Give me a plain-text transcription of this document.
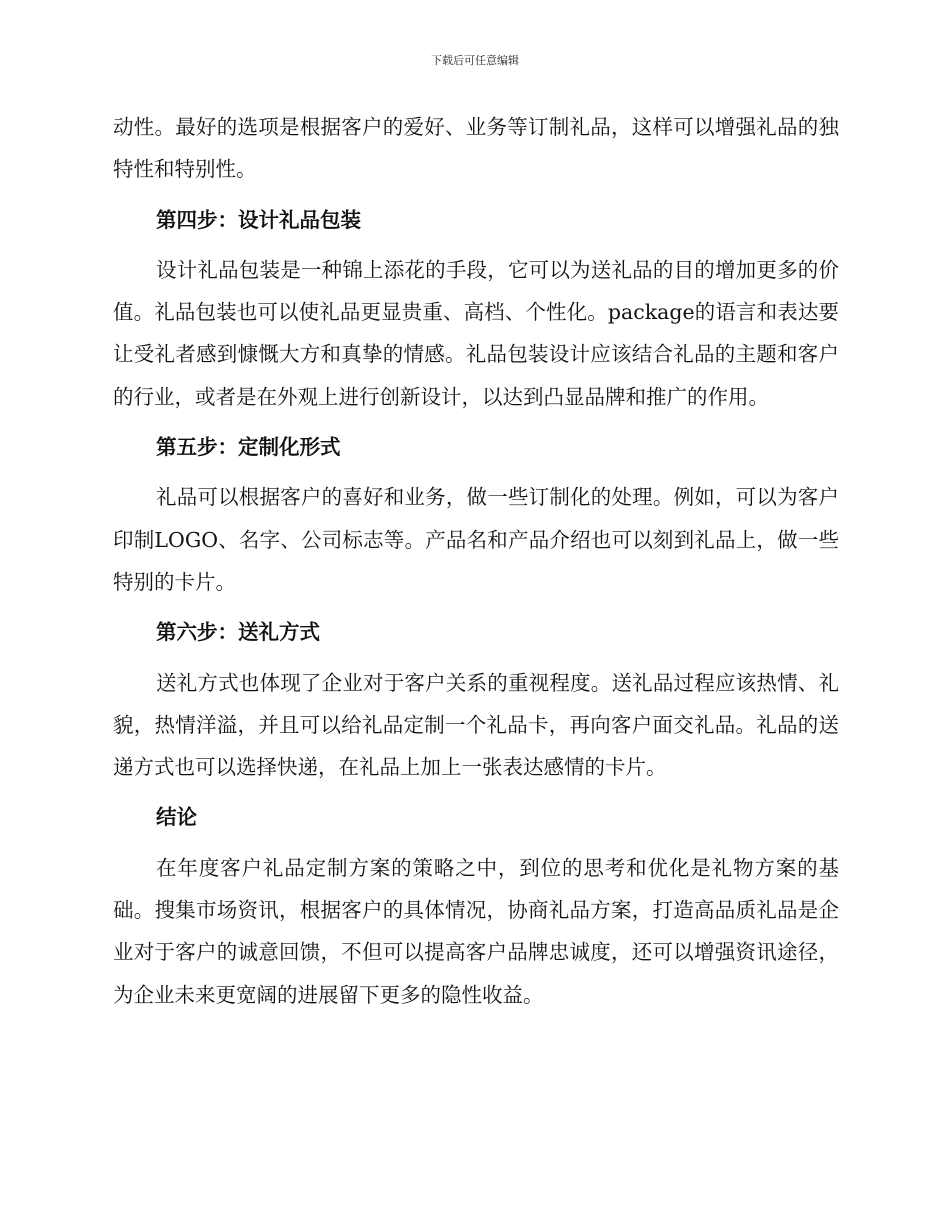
下载后可任意编辑

动性。最好的选项是根据客户的爱好、业务等订制礼品，这样可以增强礼品的独特性和特别性。

第四步：设计礼品包装

设计礼品包装是一种锦上添花的手段，它可以为送礼品的目的增加更多的价值。礼品包装也可以使礼品更显贵重、高档、个性化。package的语言和表达要让受礼者感到慷慨大方和真挚的情感。礼品包装设计应该结合礼品的主题和客户的行业，或者是在外观上进行创新设计，以达到凸显品牌和推广的作用。

第五步：定制化形式

礼品可以根据客户的喜好和业务，做一些订制化的处理。例如，可以为客户印制LOGO、名字、公司标志等。产品名和产品介绍也可以刻到礼品上，做一些特别的卡片。

第六步：送礼方式

送礼方式也体现了企业对于客户关系的重视程度。送礼品过程应该热情、礼貌，热情洋溢，并且可以给礼品定制一个礼品卡，再向客户面交礼品。礼品的送递方式也可以选择快递，在礼品上加上一张表达感情的卡片。

结论

在年度客户礼品定制方案的策略之中，到位的思考和优化是礼物方案的基础。搜集市场资讯，根据客户的具体情况，协商礼品方案，打造高品质礼品是企业对于客户的诚意回馈，不但可以提高客户品牌忠诚度，还可以增强资讯途径，为企业未来更宽阔的进展留下更多的隐性收益。
